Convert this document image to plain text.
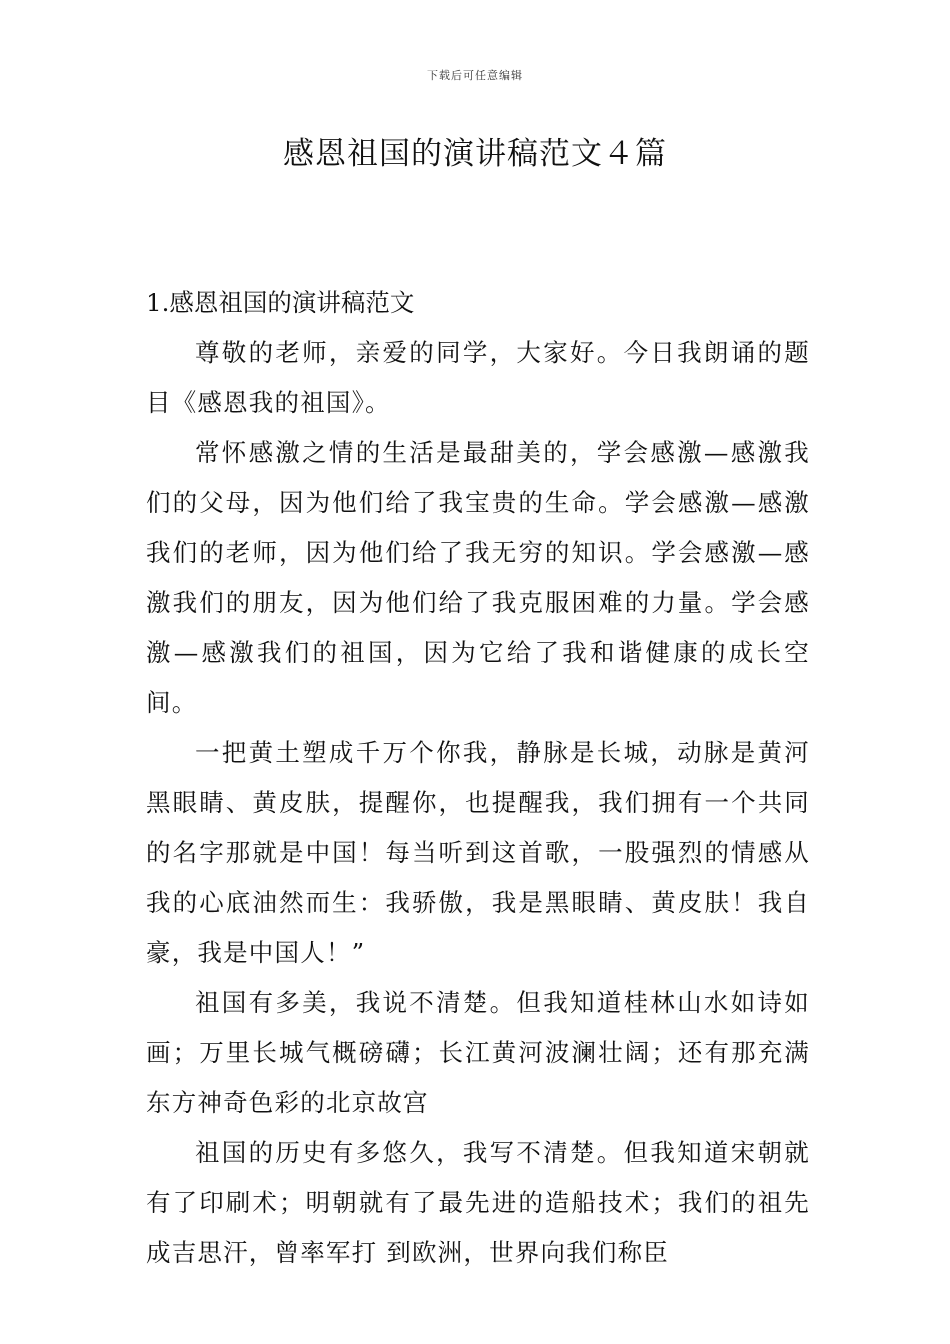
下载后可任意编辑
感恩祖国的演讲稿范文４篇

1.感恩祖国的演讲稿范文

尊敬的老师，亲爱的同学，大家好。今日我朗诵的题目《感恩我的祖国》。

常怀感激之情的生活是最甜美的，学会感激—感激我们的父母，因为他们给了我宝贵的生命。学会感激—感激我们的老师，因为他们给了我无穷的知识。学会感激—感激我们的朋友，因为他们给了我克服困难的力量。学会感激—感激我们的祖国，因为它给了我和谐健康的成长空间。

一把黄土塑成千万个你我，静脉是长城，动脉是黄河黑眼睛、黄皮肤，提醒你，也提醒我，我们拥有一个共同的名字那就是中国！每当听到这首歌，一股强烈的情感从我的心底油然而生：我骄傲，我是黑眼睛、黄皮肤！我自豪，我是中国人！”

祖国有多美，我说不清楚。但我知道桂林山水如诗如画；万里长城气概磅礴；长江黄河波澜壮阔；还有那充满东方神奇色彩的北京故宫

祖国的历史有多悠久，我写不清楚。但我知道宋朝就有了印刷术；明朝就有了最先进的造船技术；我们的祖先成吉思汗，曾率军打 到欧洲，世界向我们称臣
